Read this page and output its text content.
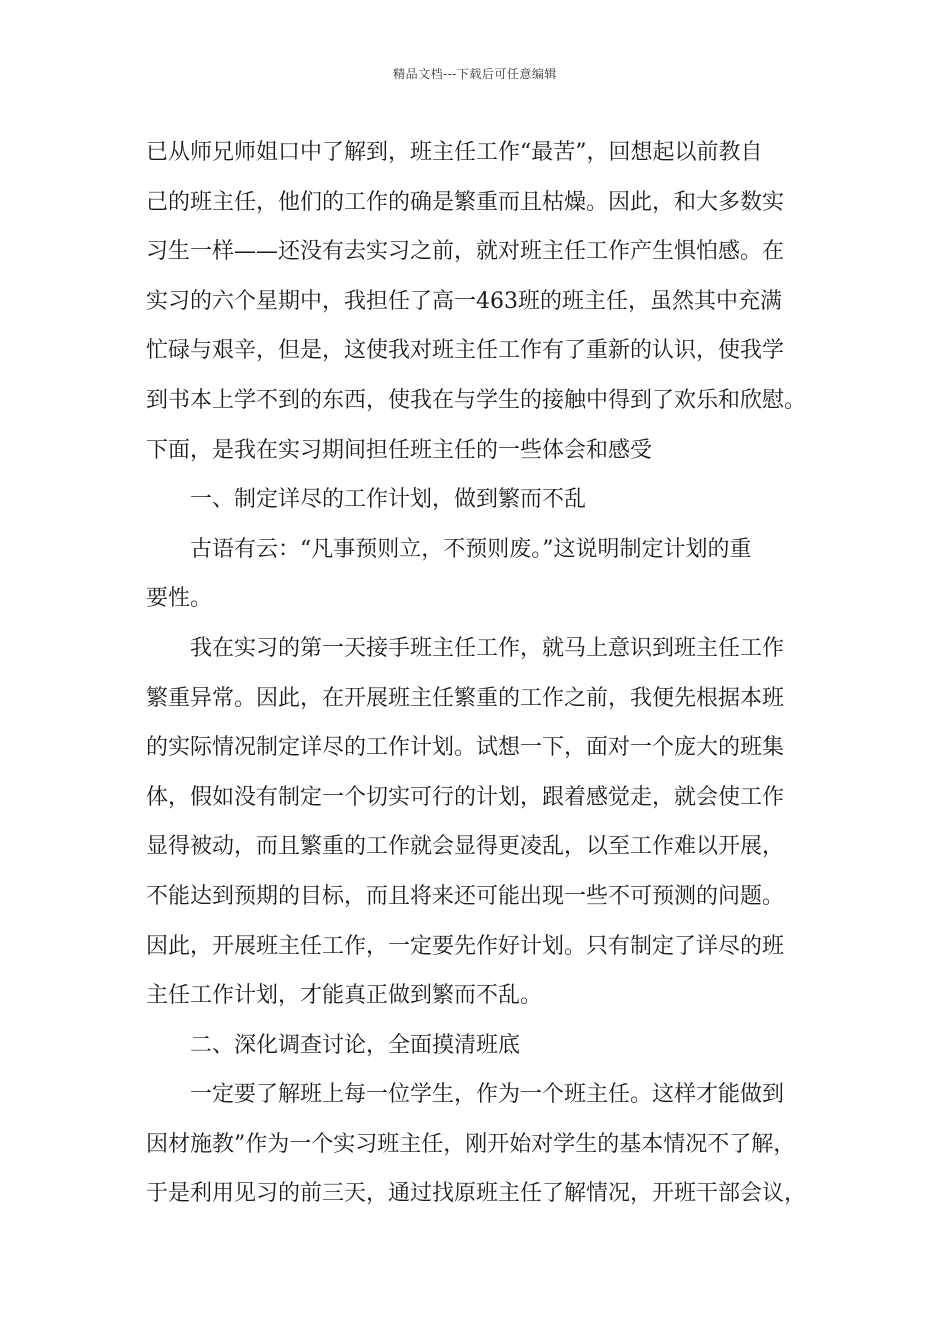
精品文档---下载后可任意编辑
已从师兄师姐口中了解到，班主任工作“最苦”，回想起以前教自
己的班主任，他们的工作的确是繁重而且枯燥。因此，和大多数实
习生一样——还没有去实习之前，就对班主任工作产生惧怕感。在
实习的六个星期中，我担任了高一463班的班主任，虽然其中充满
忙碌与艰辛，但是，这使我对班主任工作有了重新的认识，使我学
到书本上学不到的东西，使我在与学生的接触中得到了欢乐和欣慰。
下面，是我在实习期间担任班主任的一些体会和感受
一、制定详尽的工作计划，做到繁而不乱
古语有云：“凡事预则立，不预则废。”这说明制定计划的重
要性。
我在实习的第一天接手班主任工作，就马上意识到班主任工作
繁重异常。因此，在开展班主任繁重的工作之前，我便先根据本班
的实际情况制定详尽的工作计划。试想一下，面对一个庞大的班集
体，假如没有制定一个切实可行的计划，跟着感觉走，就会使工作
显得被动，而且繁重的工作就会显得更凌乱，以至工作难以开展，
不能达到预期的目标，而且将来还可能出现一些不可预测的问题。
因此，开展班主任工作，一定要先作好计划。只有制定了详尽的班
主任工作计划，才能真正做到繁而不乱。
二、深化调查讨论，全面摸清班底
一定要了解班上每一位学生，作为一个班主任。这样才能做到
因材施教”作为一个实习班主任，刚开始对学生的基本情况不了解，
于是利用见习的前三天，通过找原班主任了解情况，开班干部会议，
